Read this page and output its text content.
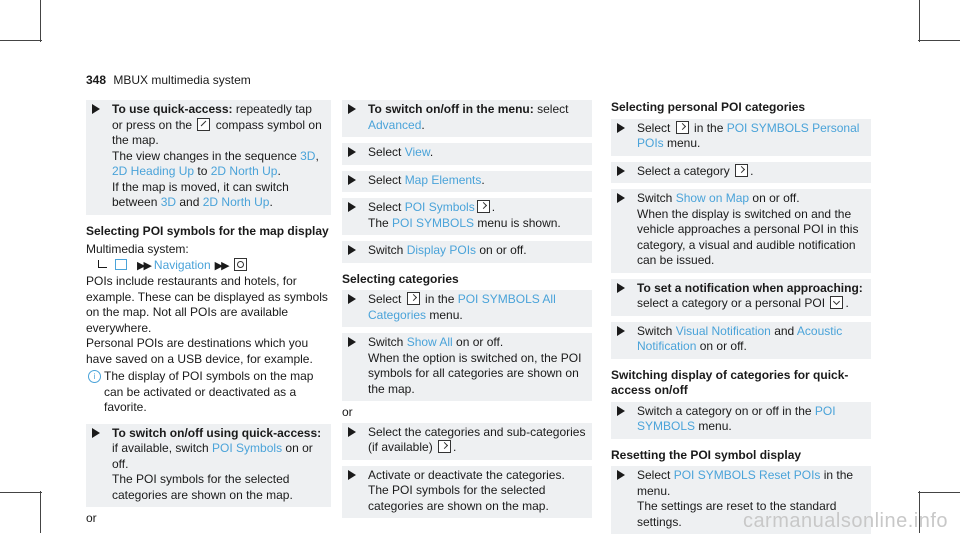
348 MBUX multimedia system
To use quick-access: repeatedly tap or press on the  compass symbol on the map.
The view changes in the sequence 3D, 2D Heading Up to 2D North Up.
If the map is moved, it can switch between 3D and 2D North Up.
Selecting POI symbols for the map display
Multimedia system:
▶▶ Navigation ▶▶
POIs include restaurants and hotels, for example. These can be displayed as symbols on the map. Not all POIs are available everywhere.
Personal POIs are destinations which you have saved on a USB device, for example.
i The display of POI symbols on the map can be activated or deactivated as a favorite.
To switch on/off using quick-access: if available, switch POI Symbols on or off.
The POI symbols for the selected categories are shown on the map.
or
To switch on/off in the menu: select Advanced.
Select View.
Select Map Elements.
Select POI Symbols .
The POI SYMBOLS menu is shown.
Switch Display POIs on or off.
Selecting categories
Select  in the POI SYMBOLS All Categories menu.
Switch Show All on or off.
When the option is switched on, the POI symbols for all categories are shown on the map.
or
Select the categories and sub-categories (if available) .
Activate or deactivate the categories.
The POI symbols for the selected categories are shown on the map.
Selecting personal POI categories
Select  in the POI SYMBOLS Personal POIs menu.
Select a category .
Switch Show on Map on or off.
When the display is switched on and the vehicle approaches a personal POI in this category, a visual and audible notification can be issued.
To set a notification when approaching: select a category or a personal POI .
Switch Visual Notification and Acoustic Notification on or off.
Switching display of categories for quick-access on/off
Switch a category on or off in the POI SYMBOLS menu.
Resetting the POI symbol display
Select POI SYMBOLS Reset POIs in the menu.
The settings are reset to the standard settings.	carmanualsonline.info
